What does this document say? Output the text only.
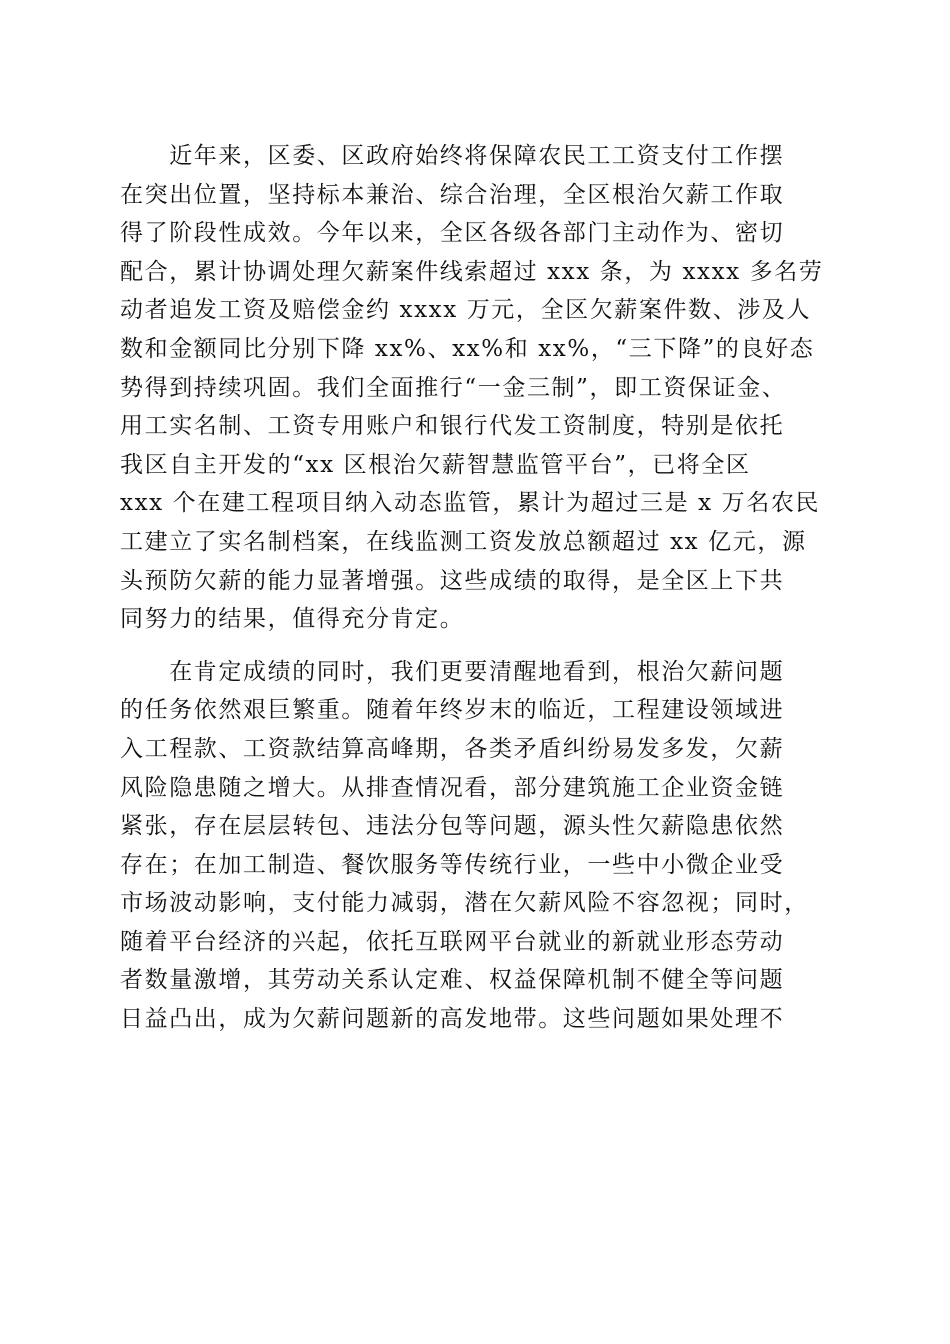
　　近年来，区委、区政府始终将保障农民工工资支付工作摆
在突出位置，坚持标本兼治、综合治理，全区根治欠薪工作取
得了阶段性成效。今年以来，全区各级各部门主动作为、密切
配合，累计协调处理欠薪案件线索超过 xxx 条，为 xxxx 多名劳
动者追发工资及赔偿金约 xxxx 万元，全区欠薪案件数、涉及人
数和金额同比分别下降 xx%、xx%和 xx%，“三下降”的良好态
势得到持续巩固。我们全面推行“一金三制”，即工资保证金、
用工实名制、工资专用账户和银行代发工资制度，特别是依托
我区自主开发的“xx 区根治欠薪智慧监管平台”，已将全区
xxx 个在建工程项目纳入动态监管，累计为超过三是 x 万名农民
工建立了实名制档案，在线监测工资发放总额超过 xx 亿元，源
头预防欠薪的能力显著增强。这些成绩的取得，是全区上下共
同努力的结果，值得充分肯定。
　　在肯定成绩的同时，我们更要清醒地看到，根治欠薪问题
的任务依然艰巨繁重。随着年终岁末的临近，工程建设领域进
入工程款、工资款结算高峰期，各类矛盾纠纷易发多发，欠薪
风险隐患随之增大。从排查情况看，部分建筑施工企业资金链
紧张，存在层层转包、违法分包等问题，源头性欠薪隐患依然
存在；在加工制造、餐饮服务等传统行业，一些中小微企业受
市场波动影响，支付能力减弱，潜在欠薪风险不容忽视；同时，
随着平台经济的兴起，依托互联网平台就业的新就业形态劳动
者数量激增，其劳动关系认定难、权益保障机制不健全等问题
日益凸出，成为欠薪问题新的高发地带。这些问题如果处理不
